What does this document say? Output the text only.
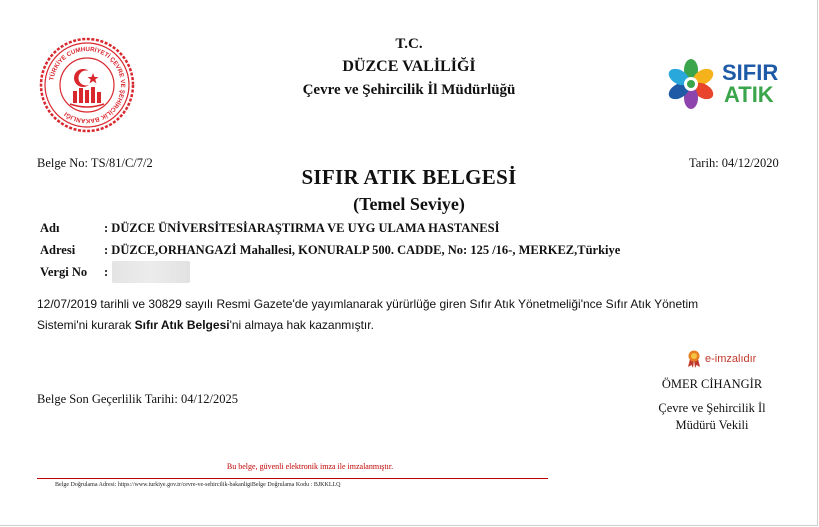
TÜRKİYE CUMHURİYETİ ÇEVRE VE ŞEHİRCİLİK BAKANLIĞI
T.C.
DÜZCE VALİLİĞİ
Çevre ve Şehircilik İl Müdürlüğü
SIFIR
ATIK
Belge No: TS/81/C/7/2	Tarih: 04/12/2020
SIFIR ATIK BELGESİ
(Temel Seviye)
Adı	: DÜZCE ÜNİVERSİTESİARAŞTIRMA VE UYG ULAMA HASTANESİ
Adresi : DÜZCE,ORHANGAZİ Mahallesi, KONURALP 500. CADDE, No: 125 /16-, MERKEZ,Türkiye
Vergi No :
12/07/2019 tarihli ve 30829 sayılı Resmi Gazete'de yayımlanarak yürürlüğe giren Sıfır Atık Yönetmeliği'nce Sıfır Atık Yönetim
Sistemi'ni kurarak Sıfır Atık Belgesi'ni almaya hak kazanmıştır.
Belge Son Geçerlilik Tarihi: 04/12/2025
e-imzalıdır
ÖMER CİHANGİR
Çevre ve Şehircilik İl
Müdürü Vekili
Bu belge, güvenli elektronik imza ile imzalanmıştır.
Belge Doğrulama Adresi: https://www.turkiye.gov.tr/cevre-ve-sehircilik-bakanligiBelge Doğrulama Kodu : BJKKLLQ
